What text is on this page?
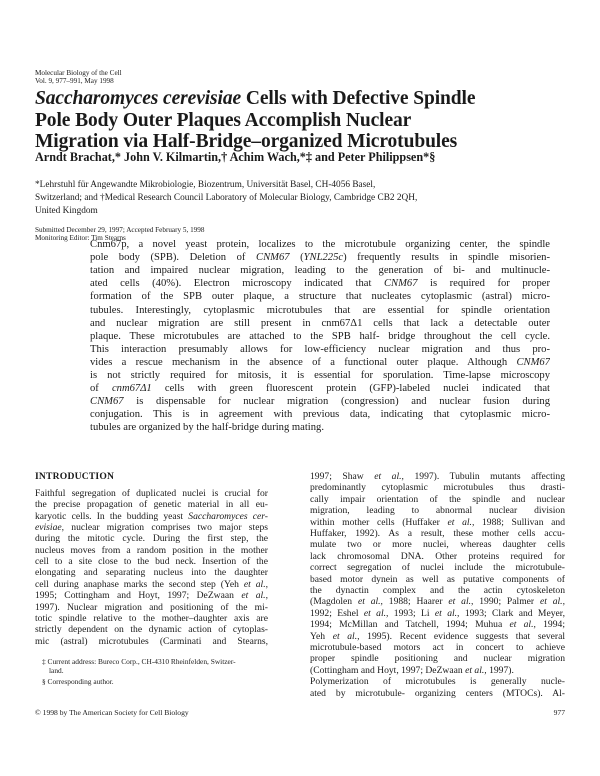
Molecular Biology of the Cell
Vol. 9, 977–991, May 1998
Saccharomyces cerevisiae Cells with Defective Spindle
Pole Body Outer Plaques Accomplish Nuclear
Migration via Half-Bridge–organized Microtubules
Arndt Brachat,* John V. Kilmartin,† Achim Wach,*‡ and Peter Philippsen*§
*Lehrstuhl für Angewandte Mikrobiologie, Biozentrum, Universität Basel, CH-4056 Basel,
Switzerland; and †Medical Research Council Laboratory of Molecular Biology, Cambridge CB2 2QH,
United Kingdom
Submitted December 29, 1997; Accepted February 5, 1998
Monitoring Editor: Tim Stearns
Cnm67p, a novel yeast protein, localizes to the microtubule organizing center, the spindle
pole body (SPB). Deletion of CNM67 (YNL225c) frequently results in spindle misorien-
tation and impaired nuclear migration, leading to the generation of bi- and multinucle-
ated cells (40%). Electron microscopy indicated that CNM67 is required for proper
formation of the SPB outer plaque, a structure that nucleates cytoplasmic (astral) micro-
tubules. Interestingly, cytoplasmic microtubules that are essential for spindle orientation
and nuclear migration are still present in cnm67Δ1 cells that lack a detectable outer
plaque. These microtubules are attached to the SPB half- bridge throughout the cell cycle.
This interaction presumably allows for low-efficiency nuclear migration and thus pro-
vides a rescue mechanism in the absence of a functional outer plaque. Although CNM67
is not strictly required for mitosis, it is essential for sporulation. Time-lapse microscopy
of cnm67Δ1 cells with green fluorescent protein (GFP)-labeled nuclei indicated that
CNM67 is dispensable for nuclear migration (congression) and nuclear fusion during
conjugation. This is in agreement with previous data, indicating that cytoplasmic micro-
tubules are organized by the half-bridge during mating.
INTRODUCTION
Faithful segregation of duplicated nuclei is crucial for
the precise propagation of genetic material in all eu-
karyotic cells. In the budding yeast Saccharomyces cer-
evisiae, nuclear migration comprises two major steps
during the mitotic cycle. During the first step, the
nucleus moves from a random position in the mother
cell to a site close to the bud neck. Insertion of the
elongating and separating nucleus into the daughter
cell during anaphase marks the second step (Yeh et al.,
1995; Cottingham and Hoyt, 1997; DeZwaan et al.,
1997). Nuclear migration and positioning of the mi-
totic spindle relative to the mother–daughter axis are
strictly dependent on the dynamic action of cytoplas-
mic (astral) microtubules (Carminati and Stearns,
1997; Shaw et al., 1997). Tubulin mutants affecting
predominantly cytoplasmic microtubules thus drasti-
cally impair orientation of the spindle and nuclear
migration, leading to abnormal nuclear division
within mother cells (Huffaker et al., 1988; Sullivan and
Huffaker, 1992). As a result, these mother cells accu-
mulate two or more nuclei, whereas daughter cells
lack chromosomal DNA. Other proteins required for
correct segregation of nuclei include the microtubule-
based motor dynein as well as putative components of
the dynactin complex and the actin cytoskeleton
(Magdolen et al., 1988; Haarer et al., 1990; Palmer et al.,
1992; Eshel et al., 1993; Li et al., 1993; Clark and Meyer,
1994; McMillan and Tatchell, 1994; Muhua et al., 1994;
Yeh et al., 1995). Recent evidence suggests that several
microtubule-based motors act in concert to achieve
proper spindle positioning and nuclear migration
(Cottingham and Hoyt, 1997; DeZwaan et al., 1997).
Polymerization of microtubules is generally nucle-
ated by microtubule- organizing centers (MTOCs). Al-
‡ Current address: Bureco Corp., CH-4310 Rheinfelden, Switzer-
land.
§ Corresponding author.
© 1998 by The American Society for Cell Biology	977
